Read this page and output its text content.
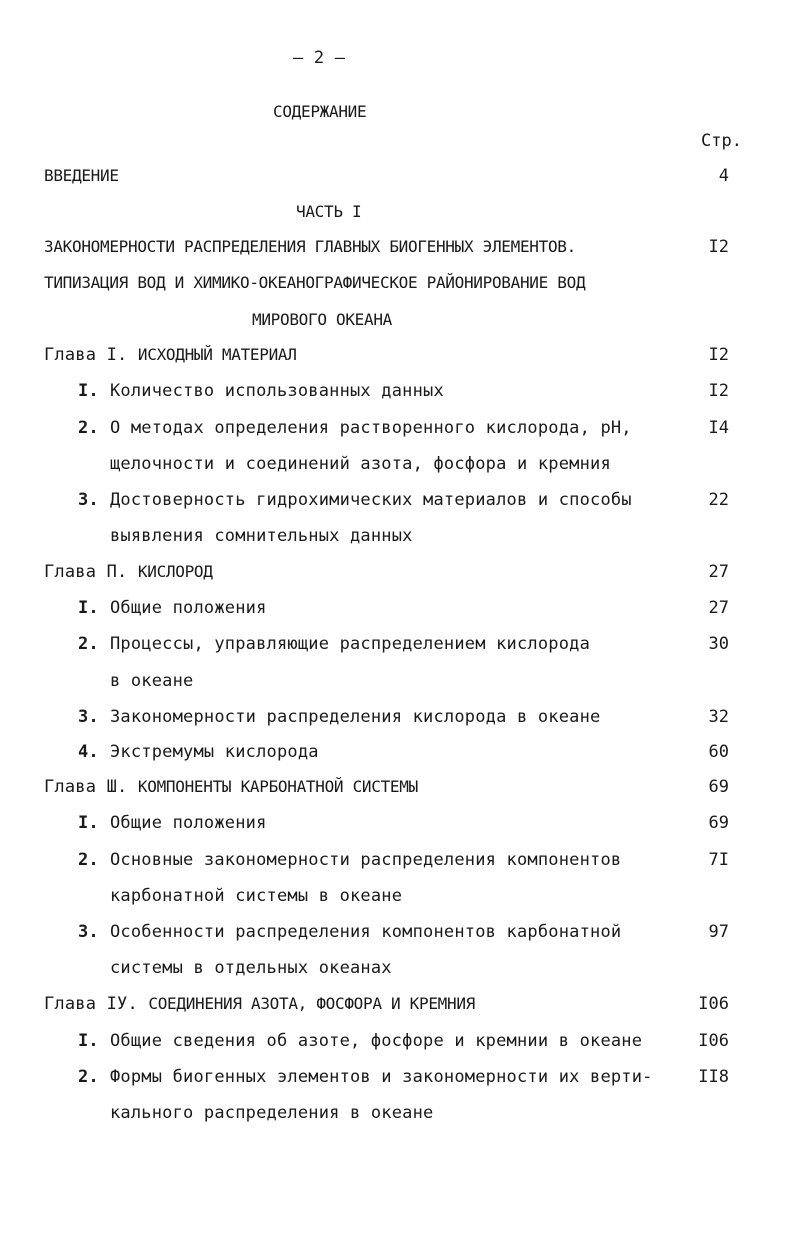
– 2 –
СОДЕРЖАНИЕ
Стр.
ВВЕДЕНИЕ	4
ЧАСТЬ I
ЗАКОНОМЕРНОСТИ РАСПРЕДЕЛЕНИЯ ГЛАВНЫХ БИОГЕННЫХ ЭЛЕМЕНТОВ.	I2
ТИПИЗАЦИЯ ВОД И ХИМИКО-ОКЕАНОГРАФИЧЕСКОЕ РАЙОНИРОВАНИЕ ВОД
МИРОВОГО ОКЕАНА
Глава I. ИСХОДНЫЙ МАТЕРИАЛ	I2
I. Количество использованных данных	I2
2. О методах определения растворенного кислорода, рН,	I4
щелочности и соединений азота, фосфора и кремния
3. Достоверность гидрохимических материалов и способы	22
выявления сомнительных данных
Глава П. КИСЛОРОД	27
I. Общие положения	27
2. Процессы, управляющие распределением кислорода	30
в океане
3. Закономерности распределения кислорода в океане	32
4. Экстремумы кислорода	60
Глава Ш. КОМПОНЕНТЫ КАРБОНАТНОЙ СИСТЕМЫ	69
I. Общие положения	69
2. Основные закономерности распределения компонентов	7I
карбонатной системы в океане
3. Особенности распределения компонентов карбонатной	97
системы в отдельных океанах
Глава IУ. СОЕДИНЕНИЯ АЗОТА, ФОСФОРА И КРЕМНИЯ	I06
I. Общие сведения об азоте, фосфоре и кремнии в океане	I06
2. Формы биогенных элементов и закономерности их верти-	II8
кального распределения в океане
